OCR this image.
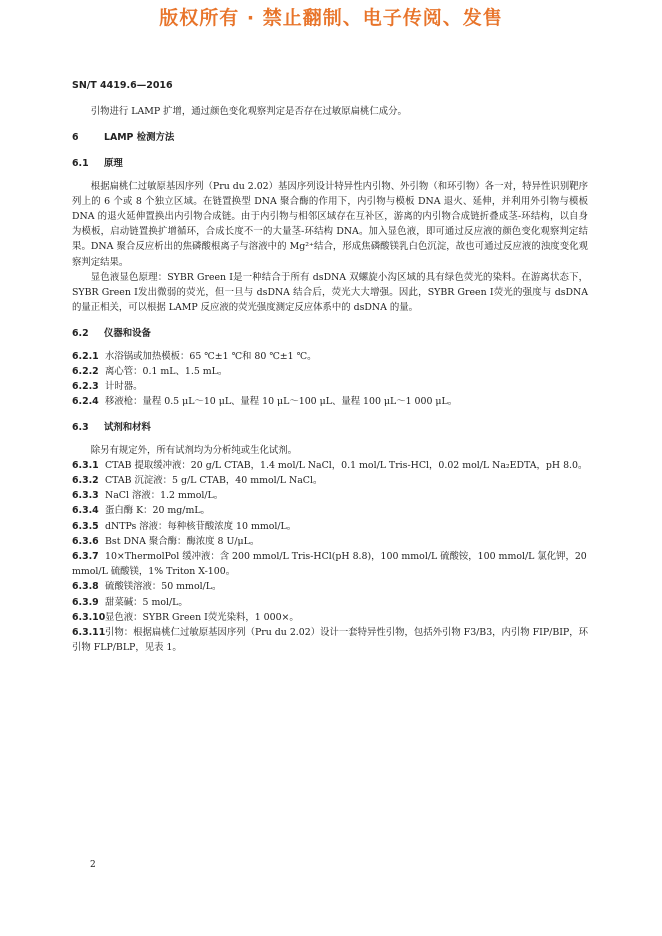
版权所有 · 禁止翻制、电子传阅、发售
SN/T 4419.6—2016

引物进行 LAMP 扩增，通过颜色变化观察判定是否存在过敏原扁桃仁成分。

6	LAMP 检测方法
6.1	原理

根据扁桃仁过敏原基因序列（Pru du 2.02）基因序列设计特异性内引物、外引物（和环引物）各一对，特异性识别靶序列上的 6 个或 8 个独立区域。在链置换型 DNA 聚合酶的作用下，内引物与模板 DNA 退火、延伸，并利用外引物与模板 DNA 的退火延伸置换出内引物合成链。由于内引物与相邻区域存在互补区，游离的内引物合成链折叠成茎-环结构，以自身为模板，启动链置换扩增循环，合成长度不一的大量茎-环结构 DNA。加入显色液，即可通过反应液的颜色变化观察判定结果。DNA 聚合反应析出的焦磷酸根离子与溶液中的 Mg²⁺结合，形成焦磷酸镁乳白色沉淀，故也可通过反应液的浊度变化观察判定结果。

显色液显色原理：SYBR Green Ⅰ是一种结合于所有 dsDNA 双螺旋小沟区域的具有绿色荧光的染料。在游离状态下，SYBR Green Ⅰ发出微弱的荧光，但一旦与 dsDNA 结合后，荧光大大增强。因此，SYBR Green Ⅰ荧光的强度与 dsDNA 的量正相关，可以根据 LAMP 反应液的荧光强度测定反应体系中的 dsDNA 的量。

6.2	仪器和设备
6.2.1 水浴锅或加热模板：65 ℃±1 ℃和 80 ℃±1 ℃。
6.2.2 离心管：0.1 mL、1.5 mL。
6.2.3 计时器。
6.2.4 移液枪：量程 0.5 μL～10 μL、量程 10 μL～100 μL、量程 100 μL～1 000 μL。
6.3	试剂和材料

除另有规定外，所有试剂均为分析纯或生化试剂。

6.3.1 CTAB 提取缓冲液：20 g/L CTAB，1.4 mol/L NaCl，0.1 mol/L Tris-HCl，0.02 mol/L Na₂EDTA，pH 8.0。
6.3.2 CTAB 沉淀液：5 g/L CTAB，40 mmol/L NaCl。
6.3.3 NaCl 溶液：1.2 mmol/L。
6.3.4 蛋白酶 K：20 mg/mL。
6.3.5 dNTPs 溶液：每种核苷酸浓度 10 mmol/L。
6.3.6 Bst DNA 聚合酶：酶浓度 8 U/μL。
6.3.7 10×ThermolPol 缓冲液：含 200 mmol/L Tris-HCl(pH 8.8)，100 mmol/L 硫酸铵，100 mmol/L 氯化钾，20 mmol/L 硫酸镁，1% Triton X-100。
6.3.8 硫酸镁溶液：50 mmol/L。
6.3.9 甜菜碱：5 mol/L。
6.3.10显色液：SYBR Green Ⅰ荧光染料，1 000×。
6.3.11引物：根据扁桃仁过敏原基因序列（Pru du 2.02）设计一套特异性引物，包括外引物 F3/B3，内引物 FIP/BIP，环引物 FLP/BLP，见表 1。
2
